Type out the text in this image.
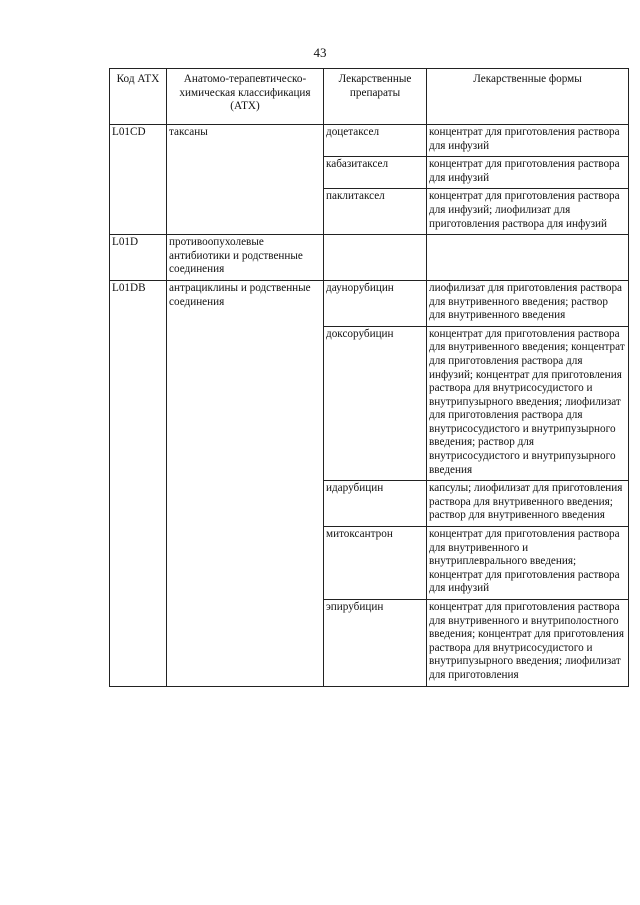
43
Код АТХ	Анатомо-терапевтическо-химическая классификация (АТХ)	Лекарственные препараты	Лекарственные формы
L01CD	таксаны	доцетаксел	концентрат для приготовления раствора для инфузий
		кабазитаксел	концентрат для приготовления раствора для инфузий
		паклитаксел	концентрат для приготовления раствора для инфузий; лиофилизат для приготовления раствора для инфузий
L01D	противоопухолевые антибиотики и родственные соединения		
L01DB	антрациклины и родственные соединения	даунорубицин	лиофилизат для приготовления раствора для внутривенного введения; раствор для внутривенного введения
		доксорубицин	концентрат для приготовления раствора для внутривенного введения; концентрат для приготовления раствора для инфузий; концентрат для приготовления раствора для внутрисосудистого и внутрипузырного введения; лиофилизат для приготовления раствора для внутрисосудистого и внутрипузырного введения; раствор для внутрисосудистого и внутрипузырного введения
		идарубицин	капсулы; лиофилизат для приготовления раствора для внутривенного введения; раствор для внутривенного введения
		митоксантрон	концентрат для приготовления раствора для внутривенного и внутриплеврального введения; концентрат для приготовления раствора для инфузий
		эпирубицин	концентрат для приготовления раствора для внутривенного и внутриполостного введения; концентрат для приготовления раствора для внутрисосудистого и внутрипузырного введения; лиофилизат для приготовления
